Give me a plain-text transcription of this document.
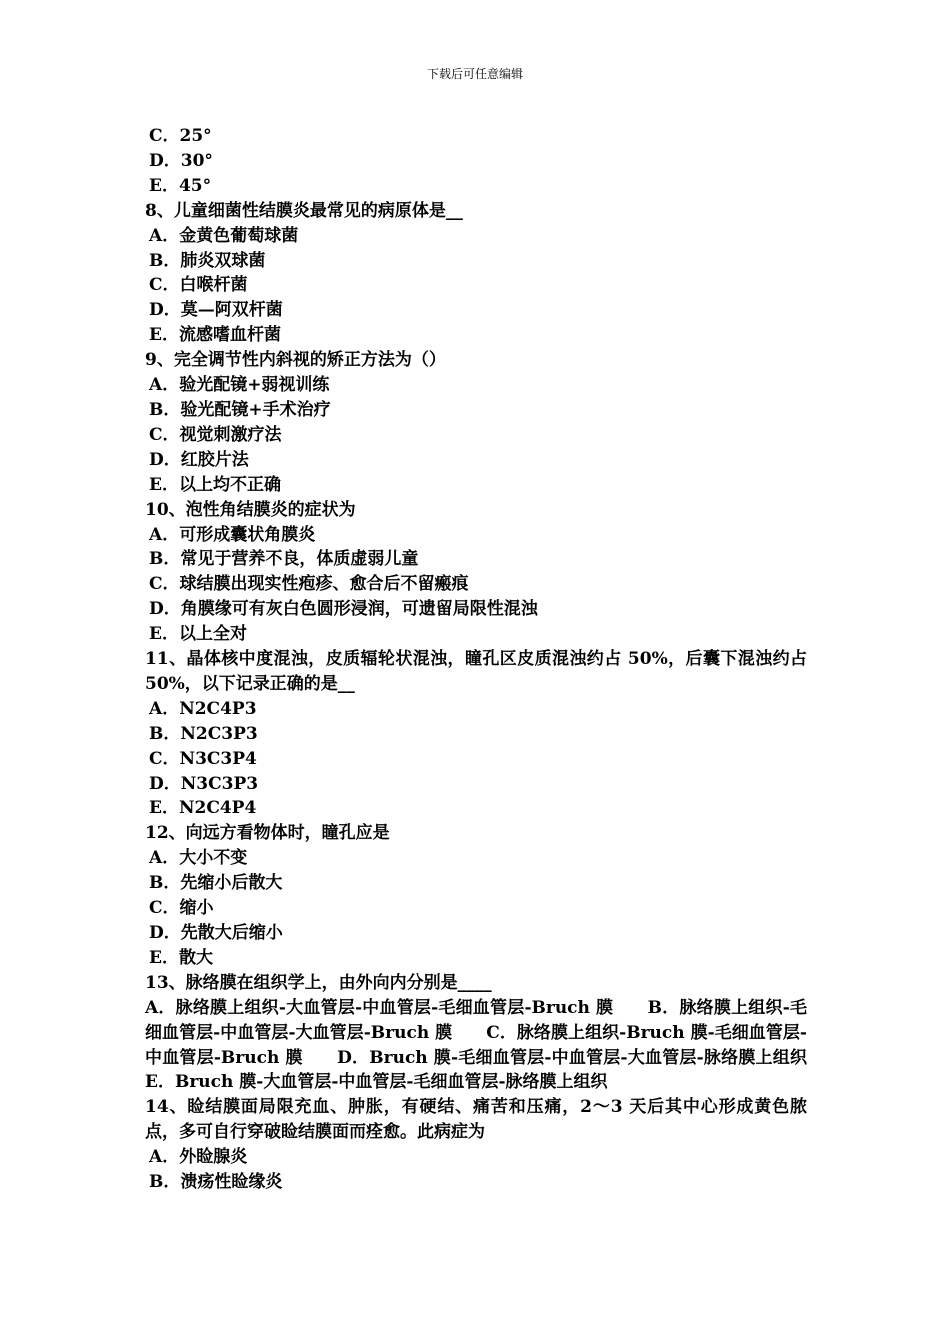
下载后可任意编辑
C．25°
D．30°
E．45°
8、儿童细菌性结膜炎最常见的病原体是__
A．金黄色葡萄球菌
B．肺炎双球菌
C．白喉杆菌
D．莫—阿双杆菌
E．流感嗜血杆菌
9、完全调节性内斜视的矫正方法为（）
A．验光配镜+弱视训练
B．验光配镜+手术治疗
C．视觉刺激疗法
D．红胶片法
E．以上均不正确
10、泡性角结膜炎的症状为
A．可形成囊状角膜炎
B．常见于营养不良，体质虚弱儿童
C．球结膜出现实性疱疹、愈合后不留瘢痕
D．角膜缘可有灰白色圆形浸润，可遗留局限性混浊
E．以上全对
11、晶体核中度混浊，皮质辐轮状混浊，瞳孔区皮质混浊约占 50%，后囊下混浊约占 50%，以下记录正确的是__
A．N2C4P3
B．N2C3P3
C．N3C3P4
D．N3C3P3
E．N2C4P4
12、向远方看物体时，瞳孔应是
A．大小不变
B．先缩小后散大
C．缩小
D．先散大后缩小
E．散大
13、脉络膜在组织学上，由外向内分别是____
A．脉络膜上组织-大血管层-中血管层-毛细血管层-Bruch 膜　　B．脉络膜上组织-毛细血管层-中血管层-大血管层-Bruch 膜　　C．脉络膜上组织-Bruch 膜-毛细血管层-中血管层-Bruch 膜　　D．Bruch 膜-毛细血管层-中血管层-大血管层-脉络膜上组织　　E．Bruch 膜-大血管层-中血管层-毛细血管层-脉络膜上组织
14、睑结膜面局限充血、肿胀，有硬结、痛苦和压痛，2～3 天后其中心形成黄色脓点，多可自行穿破睑结膜面而痊愈。此病症为
A．外睑腺炎
B．溃疡性睑缘炎
